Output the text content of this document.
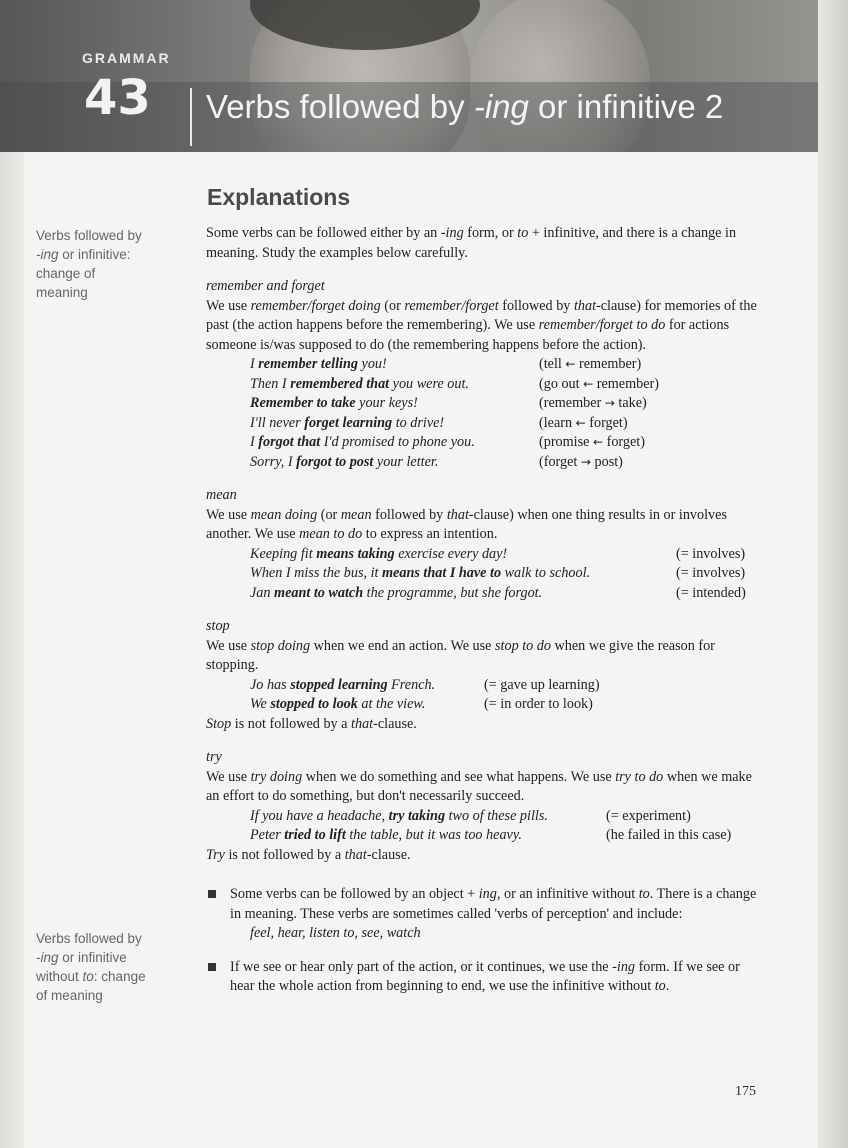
GRAMMAR
43 Verbs followed by -ing or infinitive 2
Verbs followed by
-ing or infinitive:
change of
meaning
Verbs followed by
-ing or infinitive
without to: change
of meaning
Explanations

Some verbs can be followed either by an -ing form, or to + infinitive, and there is a change in meaning. Study the examples below carefully.

remember and forget

We use remember/forget doing (or remember/forget followed by that-clause) for memories of the past (the action happens before the remembering). We use remember/forget to do for actions someone is/was supposed to do (the remembering happens before the action).

I remember telling you!	(tell ← remember)
Then I remembered that you were out.	(go out ← remember)
Remember to take your keys!	(remember → take)
I'll never forget learning to drive!	(learn ← forget)
I forgot that I'd promised to phone you.	(promise ← forget)
Sorry, I forgot to post your letter.	(forget → post)

mean

We use mean doing (or mean followed by that-clause) when one thing results in or involves another. We use mean to do to express an intention.

Keeping fit means taking exercise every day!	(= involves)
When I miss the bus, it means that I have to walk to school.	(= involves)
Jan meant to watch the programme, but she forgot.	(= intended)

stop

We use stop doing when we end an action. We use stop to do when we give the reason for stopping.

Jo has stopped learning French.	(= gave up learning)
We stopped to look at the view.	(= in order to look)

Stop is not followed by a that-clause.

try

We use try doing when we do something and see what happens. We use try to do when we make an effort to do something, but don't necessarily succeed.

If you have a headache, try taking two of these pills.	(= experiment)
Peter tried to lift the table, but it was too heavy.	(he failed in this case)

Try is not followed by a that-clause.

Some verbs can be followed by an object + ing, or an infinitive without to. There is a change in meaning. These verbs are sometimes called 'verbs of perception' and include:

feel, hear, listen to, see, watch

If we see or hear only part of the action, or it continues, we use the -ing form. If we see or hear the whole action from beginning to end, we use the infinitive without to.

175
